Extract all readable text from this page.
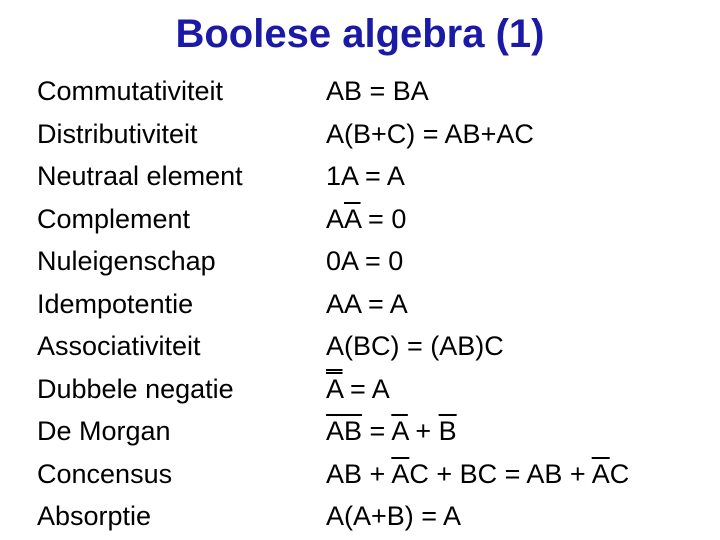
Boolese algebra (1)
Commutativiteit
Distributiviteit
Neutraal element
Complement
Nuleigenschap
Idempotentie
Associativiteit
Dubbele negatie
De Morgan
Concensus
Absorptie
AB = BA
A(B+C) = AB+AC
1A = A
$A\overline{A} = 0$
0A = 0
AA = A
A(BC) = (AB)C
A = A
$\overline{AB} = \overline{A} + \overline{B}$
AB + $\overline{A}C$ + BC = AB + $\overline{A}C$
A(A+B) = A
